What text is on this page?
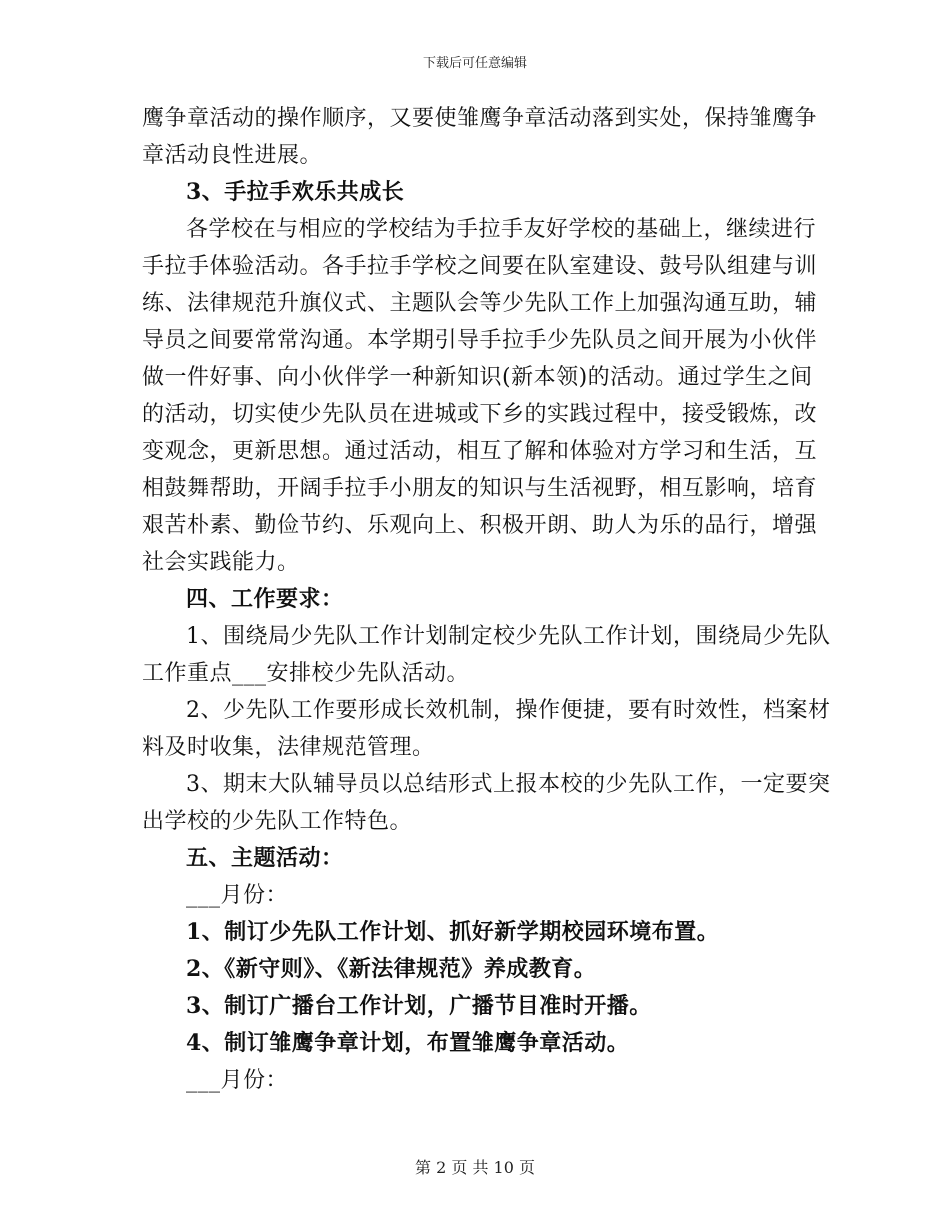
下载后可任意编辑
鹰争章活动的操作顺序，又要使雏鹰争章活动落到实处，保持雏鹰争
章活动良性进展。
3、手拉手欢乐共成长
各学校在与相应的学校结为手拉手友好学校的基础上，继续进行
手拉手体验活动。各手拉手学校之间要在队室建设、鼓号队组建与训
练、法律规范升旗仪式、主题队会等少先队工作上加强沟通互助，辅
导员之间要常常沟通。本学期引导手拉手少先队员之间开展为小伙伴
做一件好事、向小伙伴学一种新知识(新本领)的活动。通过学生之间
的活动，切实使少先队员在进城或下乡的实践过程中，接受锻炼，改
变观念，更新思想。通过活动，相互了解和体验对方学习和生活，互
相鼓舞帮助，开阔手拉手小朋友的知识与生活视野，相互影响，培育
艰苦朴素、勤俭节约、乐观向上、积极开朗、助人为乐的品行，增强
社会实践能力。
四、工作要求：
1、围绕局少先队工作计划制定校少先队工作计划，围绕局少先队
工作重点___安排校少先队活动。
2、少先队工作要形成长效机制，操作便捷，要有时效性，档案材
料及时收集，法律规范管理。
3、期末大队辅导员以总结形式上报本校的少先队工作，一定要突
出学校的少先队工作特色。
五、主题活动：
___月份：
1、制订少先队工作计划、抓好新学期校园环境布置。
2、《新守则》、《新法律规范》养成教育。
3、制订广播台工作计划，广播节目准时开播。
4、制订雏鹰争章计划，布置雏鹰争章活动。
___月份：
第 2 页 共 10 页
